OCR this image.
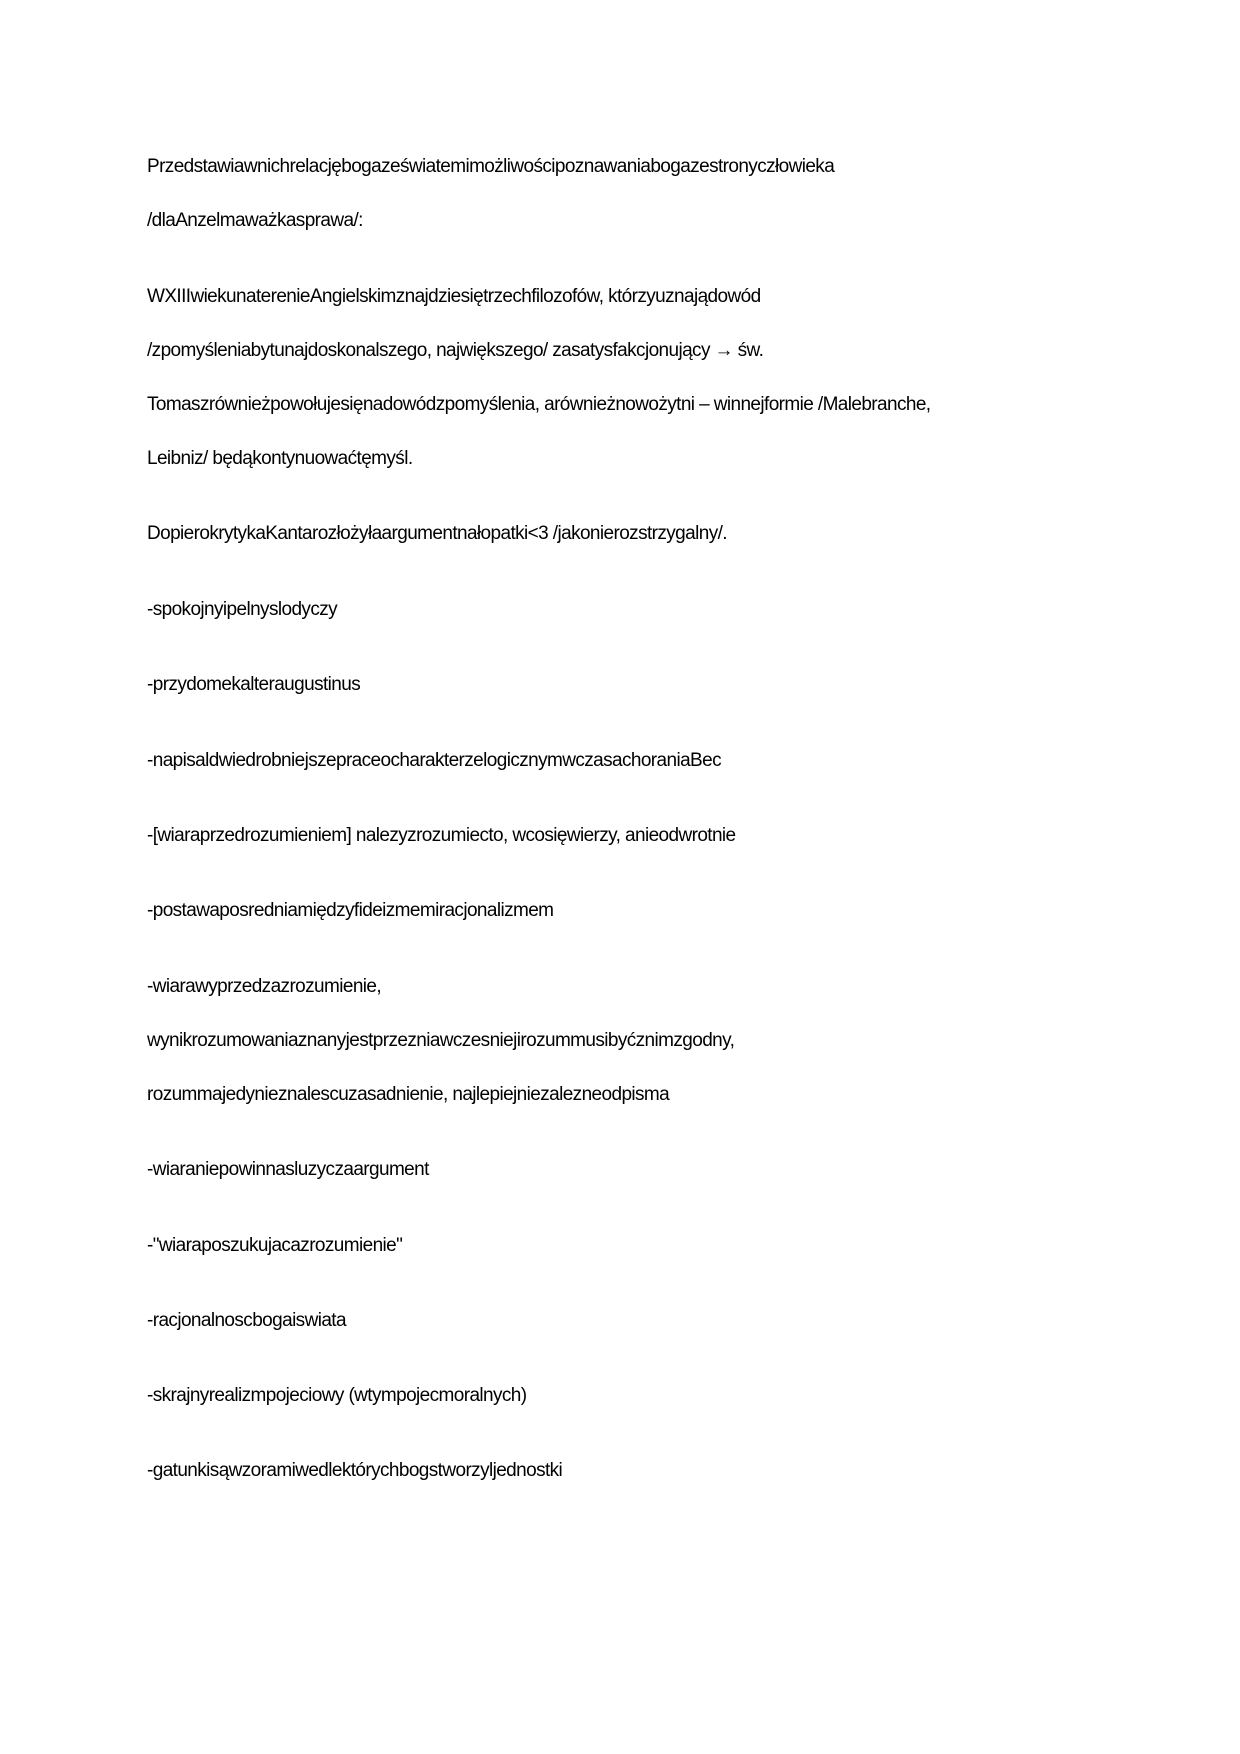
Przedstawiawnichrelacjębogazeświatemimożliwościpoznawaniabogazestronyczłowieka
/dlaAnzelmaważkasprawa/:
WXIIIwiekunaterenieAngielskimznajdziesiętrzechfilozofów, którzyuznajądowód
/zpomyśleniabytunajdoskonalszego, największego/ zasatysfakcjonujący → św.
Tomaszrównieżpowołujesięnadowódzpomyślenia, arównieżnowożytni – winnejformie /Malebranche,
Leibniz/ będąkontynuowaćtęmyśl.
DopierokrytykaKantarozłożyłaargumentnałopatki<3 /jakonierozstrzygalny/.
-spokojnyipelnyslodyczy
-przydomekalteraugustinus
-napisaldwiedrobniejszepraceocharakterzelogicznymwczasachoraniaBec
-[wiaraprzedrozumieniem] nalezyzrozumiecto, wcosięwierzy, anieodwrotnie
-postawaposredniamiędzyfideizmemiracjonalizmem
-wiarawyprzedzazrozumienie,
wynikrozumowaniaznanyjestprzezniawczesniejirozummusibyćznimzgodny,
rozummajedynieznalescuzasadnienie, najlepiejniezalezneodpisma
-wiaraniepowinnasluzyczaargument
-"wiaraposzukujacazrozumienie"
-racjonalnoscbogaiswiata
-skrajnyrealizmpojeciowy (wtympojecmoralnych)
-gatunkisąwzoramiwedlektórychbogstworzyljednostki
